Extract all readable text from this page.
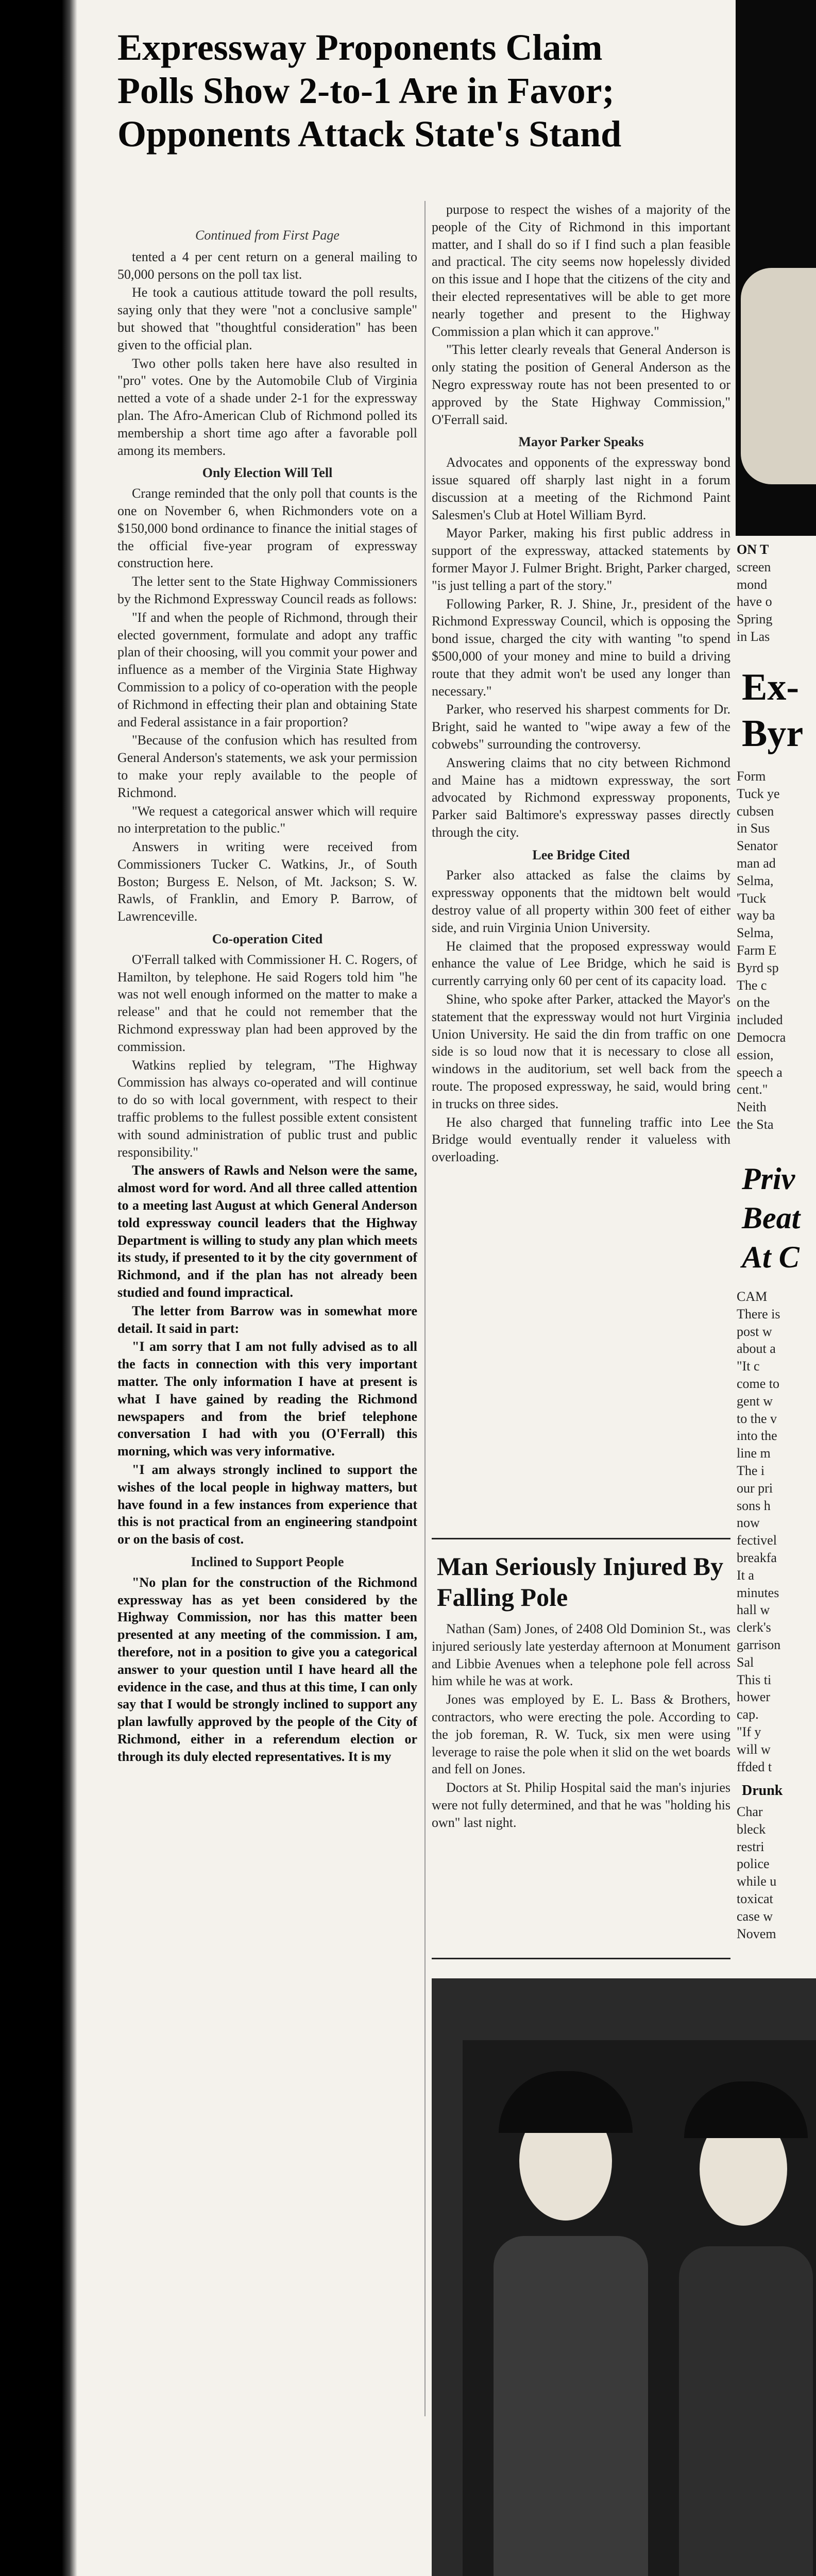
Expressway Proponents Claim
Polls Show 2-to-1 Are in Favor;
Opponents Attack State's Stand

Continued from First Page

tented a 4 per cent return on a general mailing to 50,000 persons on the poll tax list.

He took a cautious attitude toward the poll results, saying only that they were "not a conclusive sample" but showed that "thoughtful consideration" has been given to the official plan.

Two other polls taken here have also resulted in "pro" votes. One by the Automobile Club of Virginia netted a vote of a shade under 2-1 for the expressway plan. The Afro-American Club of Richmond polled its membership a short time ago after a favorable poll among its members.

Only Election Will Tell

Crange reminded that the only poll that counts is the one on November 6, when Richmonders vote on a $150,000 bond ordinance to finance the initial stages of the official five-year program of expressway construction here.

The letter sent to the State Highway Commissioners by the Richmond Expressway Council reads as follows:

"If and when the people of Richmond, through their elected government, formulate and adopt any traffic plan of their choosing, will you commit your power and influence as a member of the Virginia State Highway Commission to a policy of co-operation with the people of Richmond in effecting their plan and obtaining State and Federal assistance in a fair proportion?

"Because of the confusion which has resulted from General Anderson's statements, we ask your permission to make your reply available to the people of Richmond.

"We request a categorical answer which will require no interpretation to the public."

Answers in writing were received from Commissioners Tucker C. Watkins, Jr., of South Boston; Burgess E. Nelson, of Mt. Jackson; S. W. Rawls, of Franklin, and Emory P. Barrow, of Lawrenceville.

Co-operation Cited

O'Ferrall talked with Commissioner H. C. Rogers, of Hamilton, by telephone. He said Rogers told him "he was not well enough informed on the matter to make a release" and that he could not remember that the Richmond expressway plan had been approved by the commission.

Watkins replied by telegram, "The Highway Commission has always co-operated and will continue to do so with local government, with respect to their traffic problems to the fullest possible extent consistent with sound administration of public trust and public responsibility."

The answers of Rawls and Nelson were the same, almost word for word. And all three called attention to a meeting last August at which General Anderson told expressway council leaders that the Highway Department is willing to study any plan which meets its study, if presented to it by the city government of Richmond, and if the plan has not already been studied and found impractical.

The letter from Barrow was in somewhat more detail. It said in part:

"I am sorry that I am not fully advised as to all the facts in connection with this very important matter. The only information I have at present is what I have gained by reading the Richmond newspapers and from the brief telephone conversation I had with you (O'Ferrall) this morning, which was very informative.

"I am always strongly inclined to support the wishes of the local people in highway matters, but have found in a few instances from experience that this is not practical from an engineering standpoint or on the basis of cost.

Inclined to Support People

"No plan for the construction of the Richmond expressway has as yet been considered by the Highway Commission, nor has this matter been presented at any meeting of the commission. I am, therefore, not in a position to give you a categorical answer to your question until I have heard all the evidence in the case, and thus at this time, I can only say that I would be strongly inclined to support any plan lawfully approved by the people of the City of Richmond, either in a referendum election or through its duly elected representatives. It is my

purpose to respect the wishes of a majority of the people of the City of Richmond in this important matter, and I shall do so if I find such a plan feasible and practical. The city seems now hopelessly divided on this issue and I hope that the citizens of the city and their elected representatives will be able to get more nearly together and present to the Highway Commission a plan which it can approve."

"This letter clearly reveals that General Anderson is only stating the position of General Anderson as the Negro expressway route has not been presented to or approved by the State Highway Commission," O'Ferrall said.

Mayor Parker Speaks

Advocates and opponents of the expressway bond issue squared off sharply last night in a forum discussion at a meeting of the Richmond Paint Salesmen's Club at Hotel William Byrd.

Mayor Parker, making his first public address in support of the expressway, attacked statements by former Mayor J. Fulmer Bright. Bright, Parker charged, "is just telling a part of the story."

Following Parker, R. J. Shine, Jr., president of the Richmond Expressway Council, which is opposing the bond issue, charged the city with wanting "to spend $500,000 of your money and mine to build a driving route that they admit won't be used any longer than necessary."

Parker, who reserved his sharpest comments for Dr. Bright, said he wanted to "wipe away a few of the cobwebs" surrounding the controversy.

Answering claims that no city between Richmond and Maine has a midtown expressway, the sort advocated by Richmond expressway proponents, Parker said Baltimore's expressway passes directly through the city.

Lee Bridge Cited

Parker also attacked as false the claims by expressway opponents that the midtown belt would destroy value of all property within 300 feet of either side, and ruin Virginia Union University.

He claimed that the proposed expressway would enhance the value of Lee Bridge, which he said is currently carrying only 60 per cent of its capacity load.

Shine, who spoke after Parker, attacked the Mayor's statement that the expressway would not hurt Virginia Union University. He said the din from traffic on one side is so loud now that it is necessary to close all windows in the auditorium, set well back from the route. The proposed expressway, he said, would bring in trucks on three sides.

He also charged that funneling traffic into Lee Bridge would eventually render it valueless with overloading.

Man Seriously Injured By Falling Pole

Nathan (Sam) Jones, of 2408 Old Dominion St., was injured seriously late yesterday afternoon at Monument and Libbie Avenues when a telephone pole fell across him while he was at work.

Jones was employed by E. L. Bass & Brothers, contractors, who were erecting the pole. According to the job foreman, R. W. Tuck, six men were using leverage to raise the pole when it slid on the wet boards and fell on Jones.

Doctors at St. Philip Hospital said the man's injuries were not fully determined, and that he was "holding his own" last night.

ON T

screen

mond

have o

Spring

in Las

Ex-
Byr

Form

Tuck ye

cubsen

in Sus

Senator

man ad

Selma,

'Tuck

way ba

Selma,

Farm E

Byrd sp

The c

on the

included

Democra

ession,

speech a

cent."

Neith

the Sta

Priv
Beat
At C

CAM

There is

post w

about a

"It c

come to

gent w

to the v

into the

line m

The i

our pri

sons h

now

fectivel

breakfa

It a

minutes

hall w

clerk's

garrison

Sal

This ti

hower

cap.

"If y

will w

ffded t

Drunk

Char

bleck

restri

police

while u

toxicat

case w

Novem
